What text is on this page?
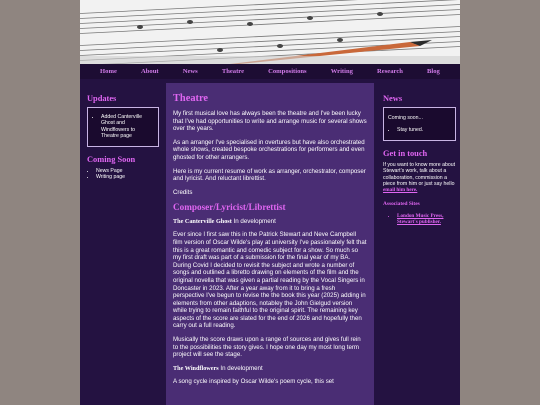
Home	About	News	Theatre	Compositions	Writing	Research	Blog
Updates
• Added Canterville Ghost and Windflowers to Theatre page
Coming Soon
• News Page
• Writing page
Theatre

My first musical love has always been the theatre and I've been lucky that I've had opportunities to write and arrange music for several shows over the years.

As an arranger I've specialised in overtures but have also orchestrated whole shows, created bespoke orchestrations for performers and even ghosted for other arrangers.

Here is my current resume of work as arranger, orchestrator, composer and lyricist. And reluctant librettist.

Credits

Composer/Lyricist/Librettist
The Canterville Ghost In development

Ever since I first saw this in the Patrick Stewart and Neve Campbell film version of Oscar Wilde's play at university I've passionately felt that this is a great romantic and comedic subject for a show. So much so my first draft was part of a submission for the final year of my BA. During Covid I decided to revisit the subject and wrote a number of songs and outlined a libretto drawing on elements of the film and the original novella that was given a partial reading by the Vocal Singers in Doncaster in 2023. After a year away from it to bring a fresh perspective I've begun to revise the the book this year (2025) adding in elements from other adaptions, notabley the John Gielgud version while trying to remain faithful to the original spirit. The remaining key aspects of the score are slated for the end of 2026 and hopefully then carry out a full reading.

Musically the score draws upon a range of sources and gives full rein to the possibilities the story gives. I hope one day my most long term project will see the stage.

The Windflowers In development

A song cycle inspired by Oscar Wilde's poem cycle, this set

News

Coming soon...

• Stay tuned.
Get in touch

If you want to know more about Stewart's work, talk about a collaboration, commission a piece from him or just say hello email him here.

Associated Sites
• London Music Press, Stewart's publisher.
